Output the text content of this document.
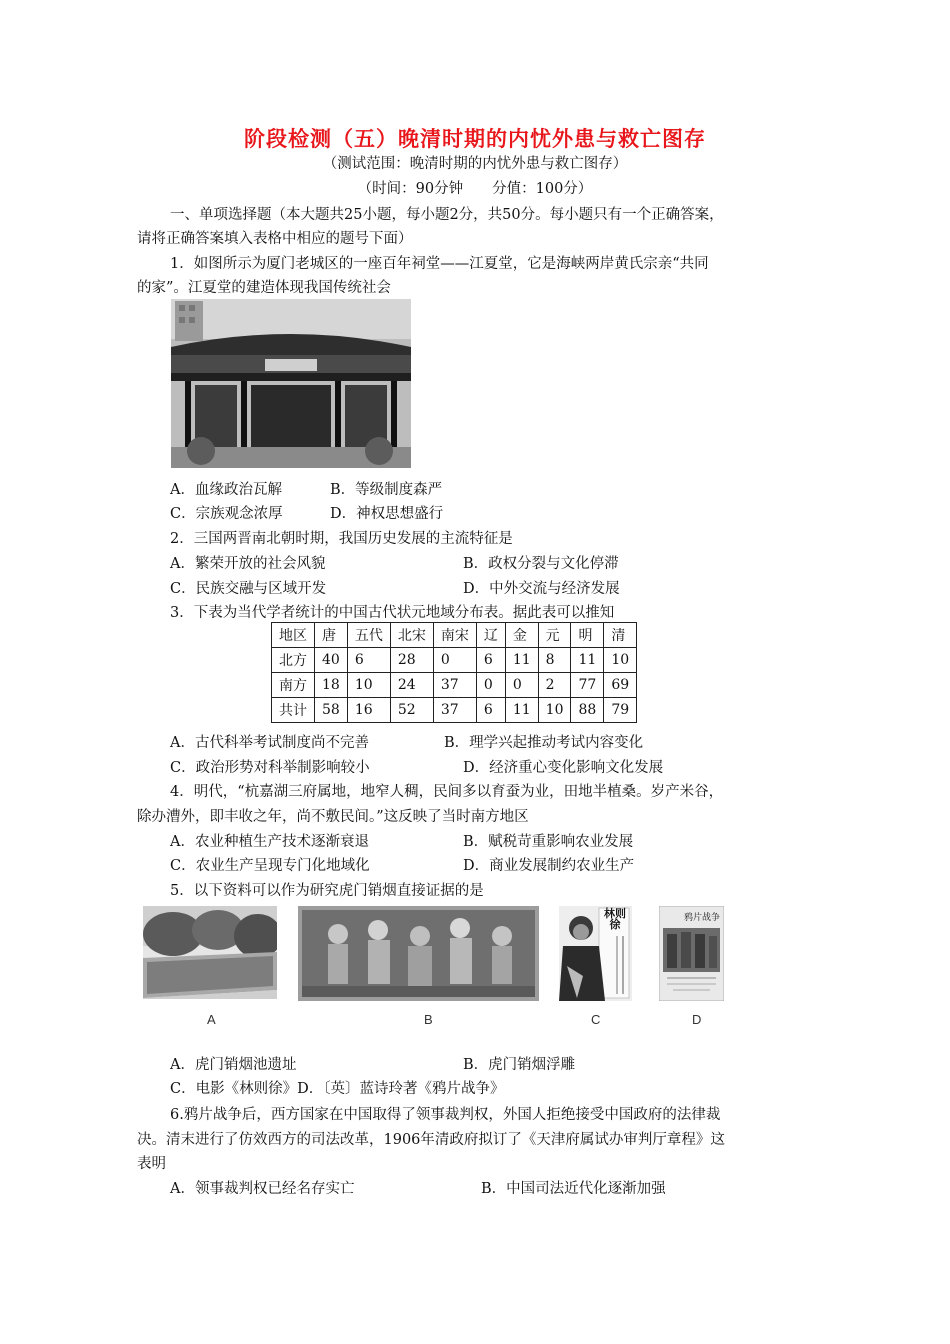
阶段检测（五）晚清时期的内忧外患与救亡图存
（测试范围：晚清时期的内忧外患与救亡图存）
（时间：90分钟　　分值：100分）
一、单项选择题（本大题共25小题，每小题2分，共50分。每小题只有一个正确答案，
请将正确答案填入表格中相应的题号下面）
1．如图所示为厦门老城区的一座百年祠堂——江夏堂，它是海峡两岸黄氏宗亲“共同
的家”。江夏堂的建造体现我国传统社会
A．血缘政治瓦解	B．等级制度森严
C．宗族观念浓厚	D．神权思想盛行
2．三国两晋南北朝时期，我国历史发展的主流特征是
A．繁荣开放的社会风貌	B．政权分裂与文化停滞
C．民族交融与区域开发	D．中外交流与经济发展
3．下表为当代学者统计的中国古代状元地域分布表。据此表可以推知
地区	唐	五代	北宋	南宋	辽	金	元	明	清
北方	40	6	28	0	6	11	8	11	10
南方	18	10	24	37	0	0	2	77	69
共计	58	16	52	37	6	11	10	88	79
A．古代科举考试制度尚不完善	B．理学兴起推动考试内容变化
C．政治形势对科举制影响较小	D．经济重心变化影响文化发展
4．明代，“杭嘉湖三府属地，地窄人稠，民间多以育蚕为业，田地半植桑。岁产米谷，
除办漕外，即丰收之年，尚不敷民间。”这反映了当时南方地区
A．农业种植生产技术逐渐衰退	B．赋税苛重影响农业发展
C．农业生产呈现专门化地域化	D．商业发展制约农业生产
5．以下资料可以作为研究虎门销烟直接证据的是
林则徐	鸦片战争
A	B	C	D
A．虎门销烟池遗址	B．虎门销烟浮雕
C．电影《林则徐》D．〔英〕蓝诗玲著《鸦片战争》
6.鸦片战争后，西方国家在中国取得了领事裁判权，外国人拒绝接受中国政府的法律裁
决。清末进行了仿效西方的司法改革，1906年清政府拟订了《天津府属试办审判厅章程》这
表明
A．领事裁判权已经名存实亡	B．中国司法近代化逐渐加强
